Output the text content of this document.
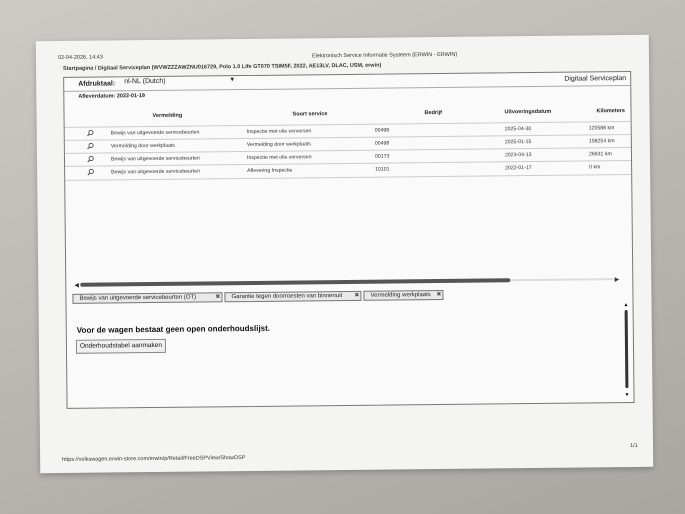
02-04-2026, 14:43	Elektronisch Service Informatie Systeem (ERWIN - ERWIN)
Startpagina / Digitaal Serviceplan (WVWZZZAWZNU016729, Polo 1.0 Life GT070 TSIM5F, 2022, AE13LV, DLAC, USM, erwin)
Afdruktaal:	nl-NL (Dutch)	▼	Digitaal Serviceplan
Afleverdatum: 2022-01-19
Vermelding	Soort service	Bedrijf	Uitvoeringsdatum	Kilometers
Bewijs van uitgevoerde servicebeurten	Inspectie met olie verversen	00498	2025-04-30	120588 km
Vermelding door werkplaats	Vermelding door werkplaats	00498	2025-01-15	108254 km
Bewijs van uitgevoerde servicebeurten	Inspectie met olie verversen	00173	2023-04-13	26631 km
Bewijs van uitgevoerde servicebeurten	Aflevering Inspectie	10101	2022-01-17	0 km
◀
▶
Bewijs van uitgevoerde servicebeurten (OT)	✖	Garantie tegen doorroesten van binnenuit ✖	Vermelding werkplaats ✖
Voor de wagen bestaat geen open onderhoudslijst.
Onderhoudstabel aanmaken
▲
▼
https://volkswagen.erwin-store.com/erwin/p/Retail/FreeDSPView/ShowDSP
1/1
